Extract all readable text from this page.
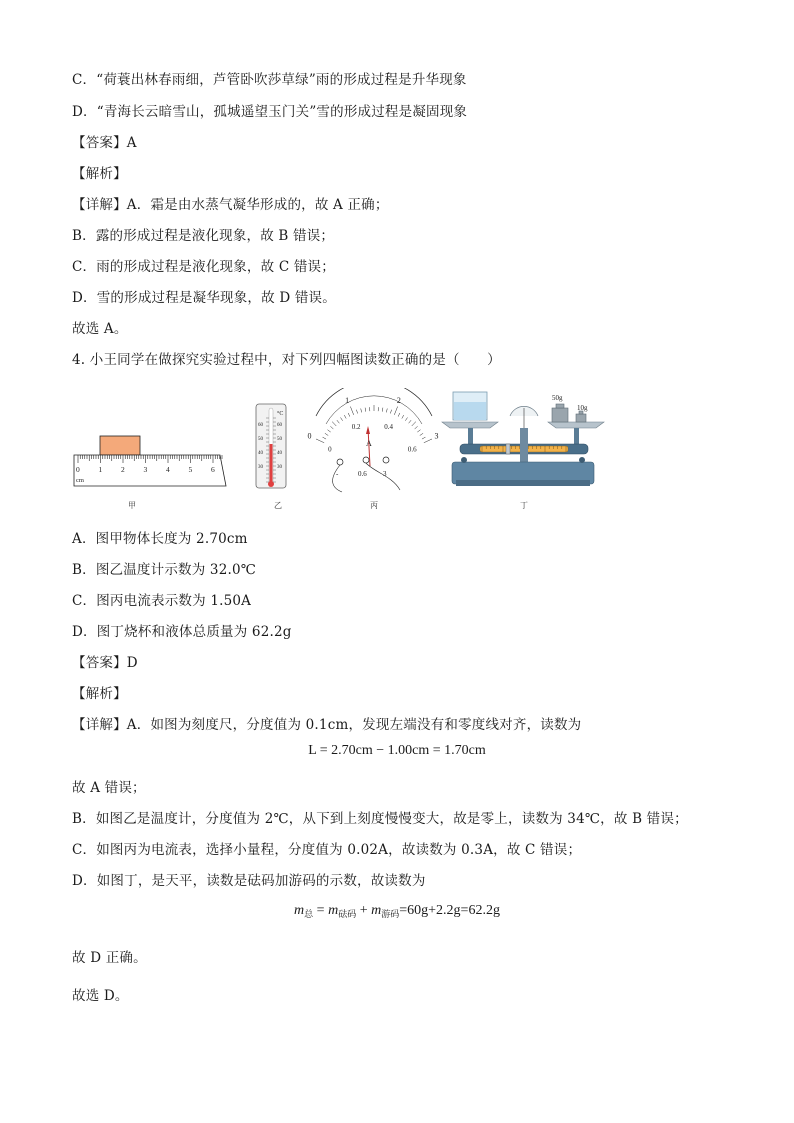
C．“荷蓑出林春雨细，芦管卧吹莎草绿”雨的形成过程是升华现象
D．“青海长云暗雪山，孤城遥望玉门关”雪的形成过程是凝固现象
【答案】A
【解析】
【详解】A．霜是由水蒸气凝华形成的，故 A 正确；
B．露的形成过程是液化现象，故 B 错误；
C．雨的形成过程是液化现象，故 C 错误；
D．雪的形成过程是凝华现象，故 D 错误。
故选 A。
4. 小王同学在做探究实验过程中，对下列四幅图读数正确的是（　　）
0	1	2	3	4	5	6
cm
°C
60
50
40
30
60
50
40
30
0
1	2
3
0
0.2	0.4
0.6
A
-	0.6 3
50g
10g
甲	乙	丙	丁
A．图甲物体长度为 2.70cm
B．图乙温度计示数为 32.0℃
C．图丙电流表示数为 1.50A
D．图丁烧杯和液体总质量为 62.2g
【答案】D
【解析】
【详解】A．如图为刻度尺，分度值为 0.1cm，发现左端没有和零度线对齐，读数为
L = 2.70cm − 1.00cm = 1.70cm
故 A 错误；
B．如图乙是温度计，分度值为 2℃，从下到上刻度慢慢变大，故是零上，读数为 34℃，故 B 错误；
C．如图丙为电流表，选择小量程，分度值为 0.02A，故读数为 0.3A，故 C 错误；
D．如图丁，是天平，读数是砝码加游码的示数，故读数为
$m_总 = m_{砝码} + m_{游码}=60g+2.2g=62.2g$
故 D 正确。
故选 D。
